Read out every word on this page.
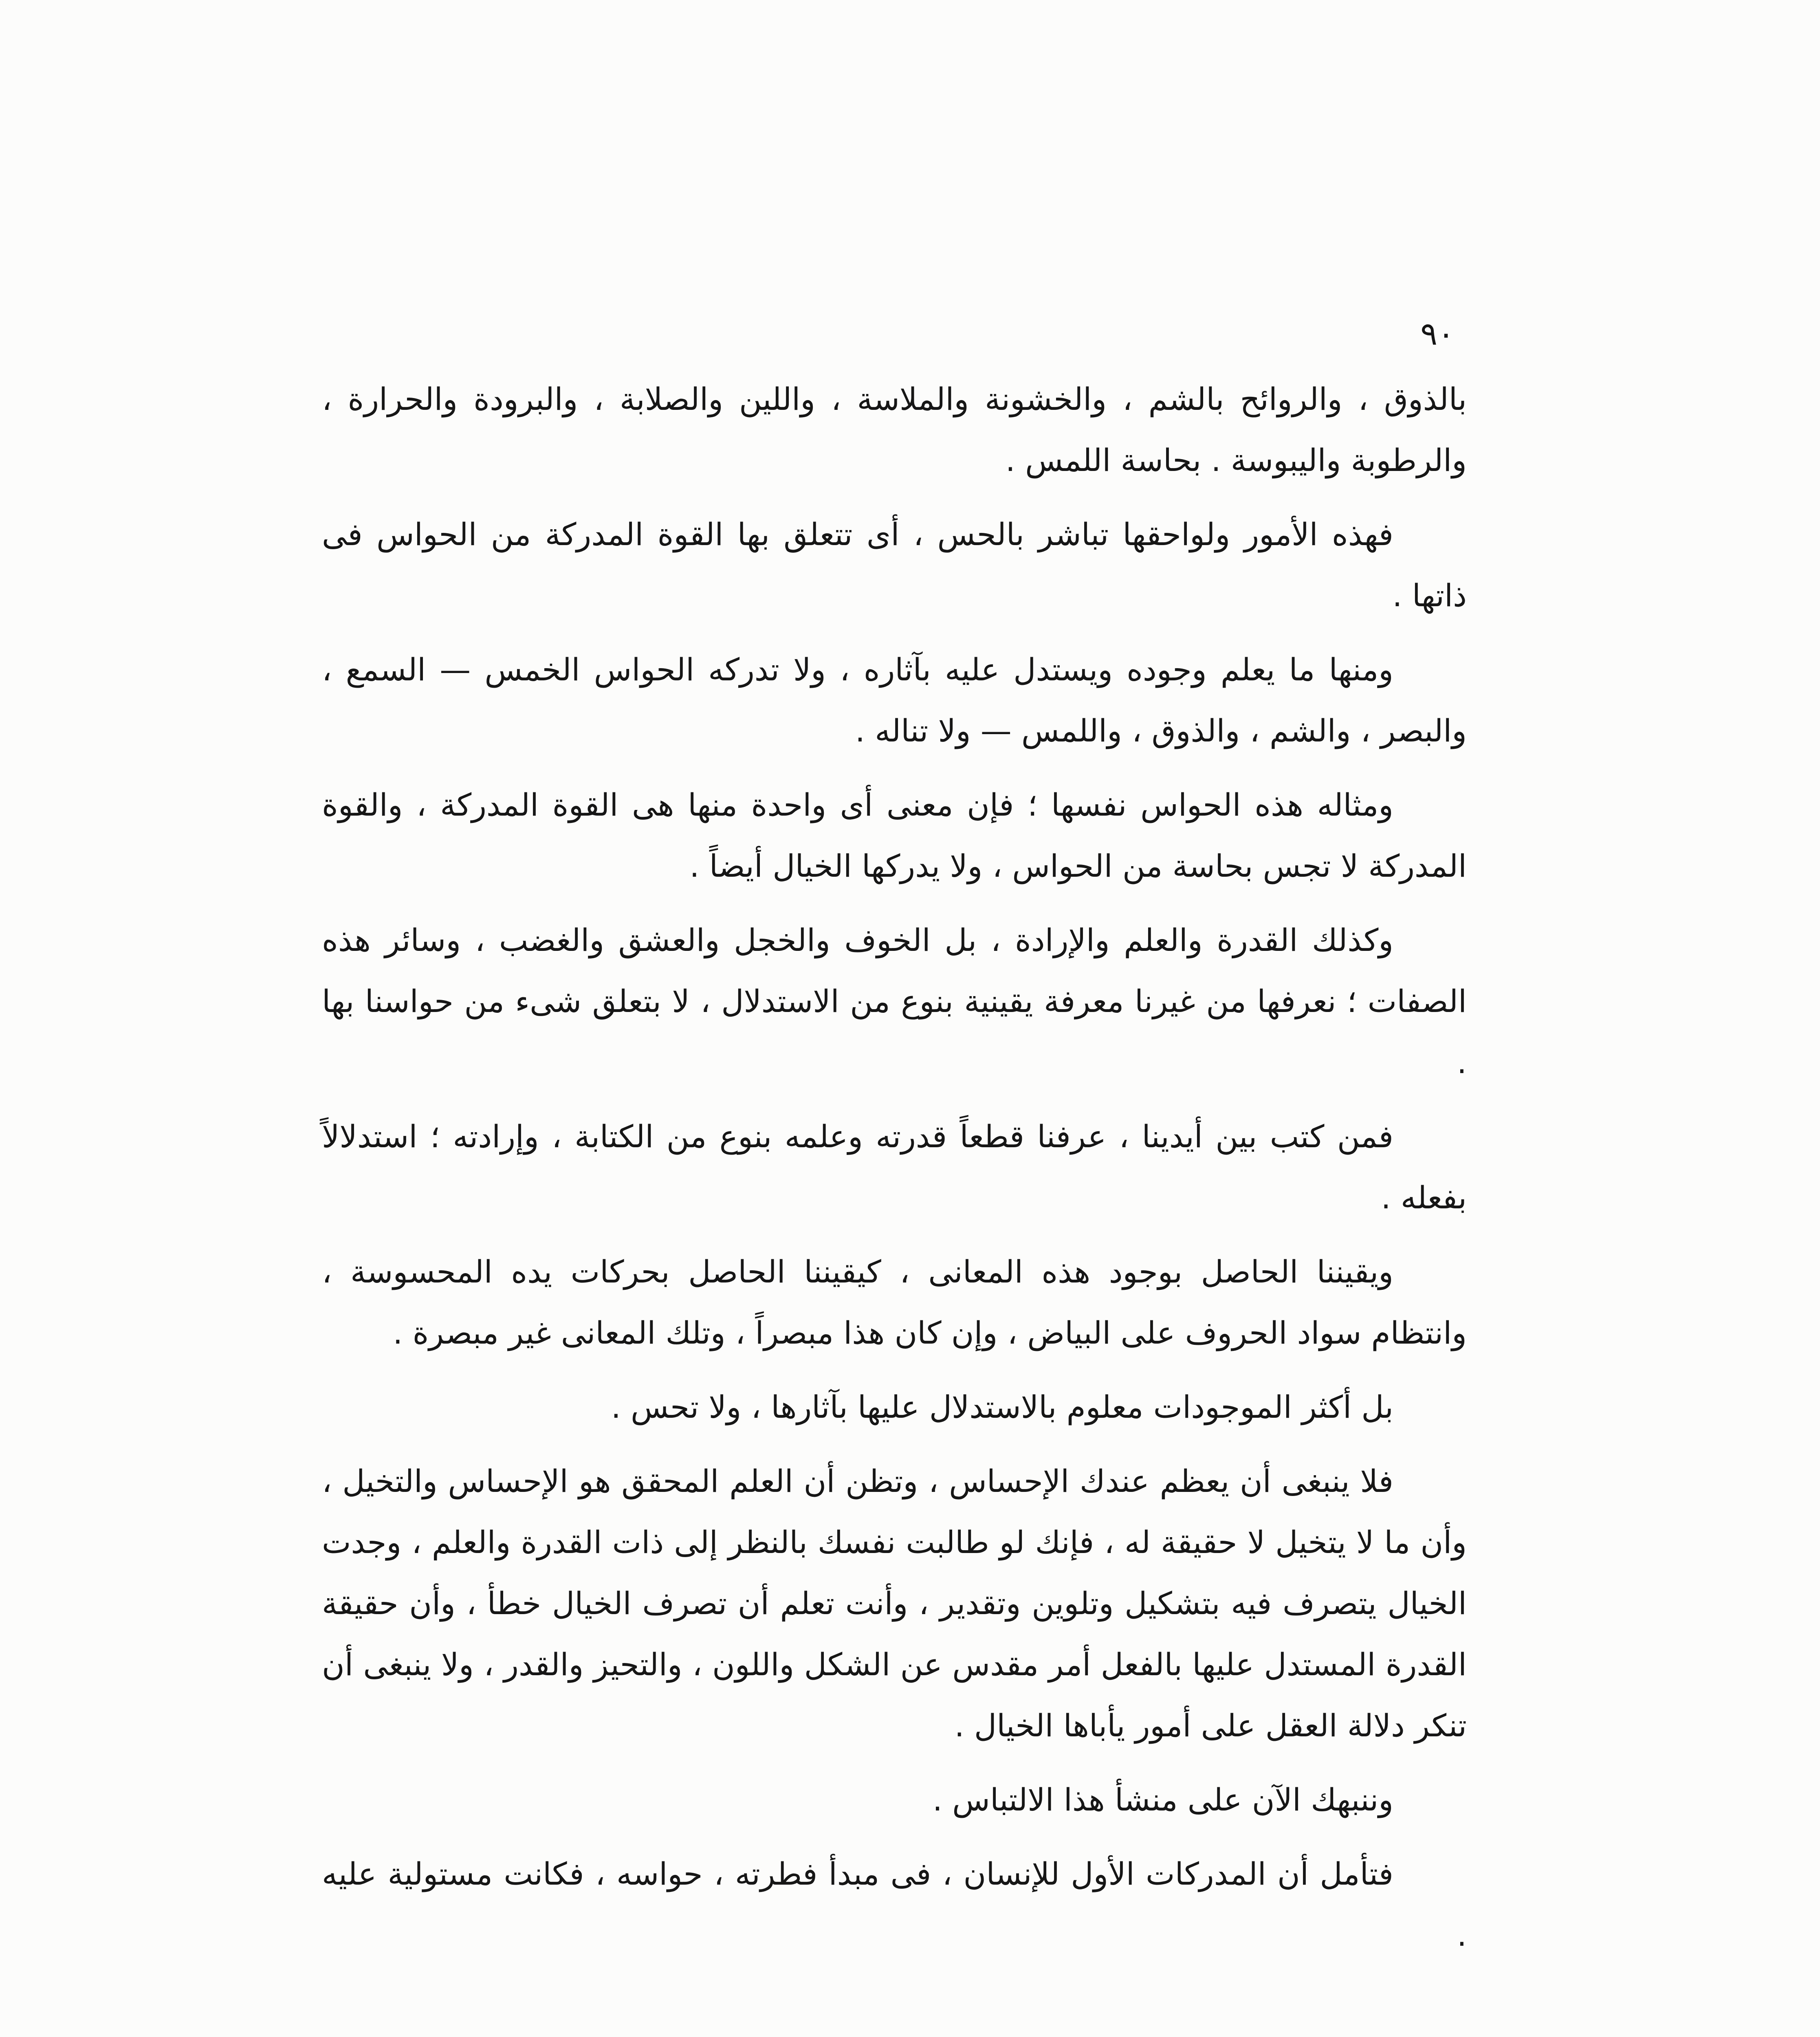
٩٠

بالذوق ، والروائح بالشم ، والخشونة والملاسة ، واللين والصلابة ، والبرودة والحرارة ، والرطوبة واليبوسة . بحاسة اللمس .

فهذه الأمور ولواحقها تباشر بالحس ، أى تتعلق بها القوة المدركة من الحواس فى ذاتها .

ومنها ما يعلم وجوده ويستدل عليه بآثاره ، ولا تدركه الحواس الخمس — السمع ، والبصر ، والشم ، والذوق ، واللمس — ولا تناله .

ومثاله هذه الحواس نفسها ؛ فإن معنى أى واحدة منها هى القوة المدركة ، والقوة المدركة لا تجس بحاسة من الحواس ، ولا يدركها الخيال أيضاً .

وكذلك القدرة والعلم والإرادة ، بل الخوف والخجل والعشق والغضب ، وسائر هذه الصفات ؛ نعرفها من غيرنا معرفة يقينية بنوع من الاستدلال ، لا بتعلق شىء من حواسنا بها .

فمن كتب بين أيدينا ، عرفنا قطعاً قدرته وعلمه بنوع من الكتابة ، وإرادته ؛ استدلالاً بفعله .

ويقيننا الحاصل بوجود هذه المعانى ، كيقيننا الحاصل بحركات يده المحسوسة ، وانتظام سواد الحروف على البياض ، وإن كان هذا مبصراً ، وتلك المعانى غير مبصرة .

بل أكثر الموجودات معلوم بالاستدلال عليها بآثارها ، ولا تحس .

فلا ينبغى أن يعظم عندك الإحساس ، وتظن أن العلم المحقق هو الإحساس والتخيل ، وأن ما لا يتخيل لا حقيقة له ، فإنك لو طالبت نفسك بالنظر إلى ذات القدرة والعلم ، وجدت الخيال يتصرف فيه بتشكيل وتلوين وتقدير ، وأنت تعلم أن تصرف الخيال خطأ ، وأن حقيقة القدرة المستدل عليها بالفعل أمر مقدس عن الشكل واللون ، والتحيز والقدر ، ولا ينبغى أن تنكر دلالة العقل على أمور يأباها الخيال .

وننبهك الآن على منشأ هذا الالتباس .

فتأمل أن المدركات الأول للإنسان ، فى مبدأ فطرته ، حواسه ، فكانت مستولية عليه .
